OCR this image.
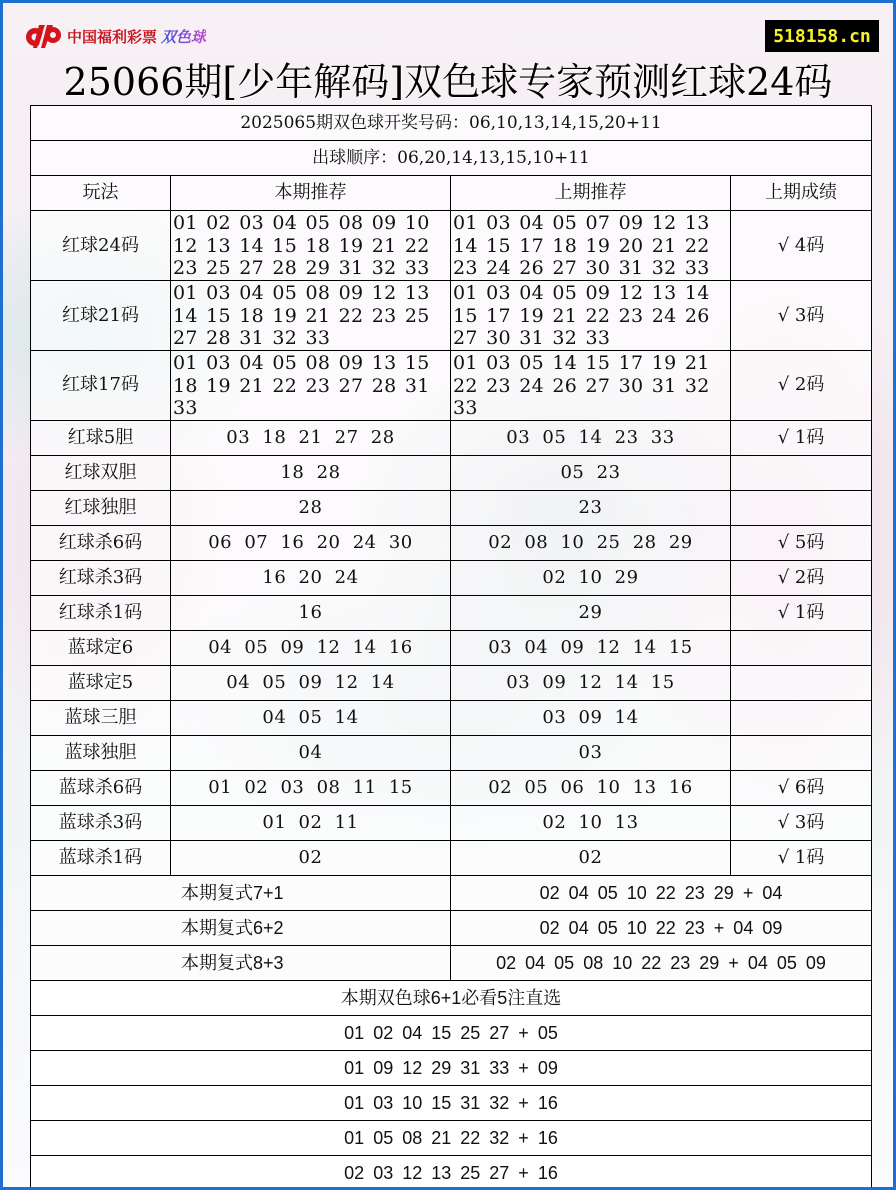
中国福利彩票 双色球	518158.cn
25066期[少年解码]双色球专家预测红球24码
2025065期双色球开奖号码：06,10,13,14,15,20+11			
出球顺序：06,20,14,13,15,10+11			
玩法	本期推荐	上期推荐	上期成绩
红球24码	01 02 03 04 05 08 09 10 12 13 14 15 18 19 21 22 23 25 27 28 29 31 32 33	01 03 04 05 07 09 12 13 14 15 17 18 19 20 21 22 23 24 26 27 30 31 32 33	√ 4码
红球21码	01 03 04 05 08 09 12 13 14 15 18 19 21 22 23 25 27 28 31 32 33	01 03 04 05 09 12 13 14 15 17 19 21 22 23 24 26 27 30 31 32 33	√ 3码
红球17码	01 03 04 05 08 09 13 15 18 19 21 22 23 27 28 31 33	01 03 05 14 15 17 19 21 22 23 24 26 27 30 31 32 33	√ 2码
红球5胆	03 18 21 27 28	03 05 14 23 33	√ 1码
红球双胆	18 28	05 23	
红球独胆	28	23	
红球杀6码	06 07 16 20 24 30	02 08 10 25 28 29	√ 5码
红球杀3码	16 20 24	02 10 29	√ 2码
红球杀1码	16	29	√ 1码
蓝球定6	04 05 09 12 14 16	03 04 09 12 14 15	
蓝球定5	04 05 09 12 14	03 09 12 14 15	
蓝球三胆	04 05 14	03 09 14	
蓝球独胆	04	03	
蓝球杀6码	01 02 03 08 11 15	02 05 06 10 13 16	√ 6码
蓝球杀3码	01 02 11	02 10 13	√ 3码
蓝球杀1码	02	02	√ 1码
本期复式7+1		02 04 05 10 22 23 29 + 04	
本期复式6+2		02 04 05 10 22 23 + 04 09	
本期复式8+3		02 04 05 08 10 22 23 29 + 04 05 09	
本期双色球6+1必看5注直选			
01 02 04 15 25 27 + 05			
01 09 12 29 31 33 + 09			
01 03 10 15 31 32 + 16			
01 05 08 21 22 32 + 16			
02 03 12 13 25 27 + 16			
